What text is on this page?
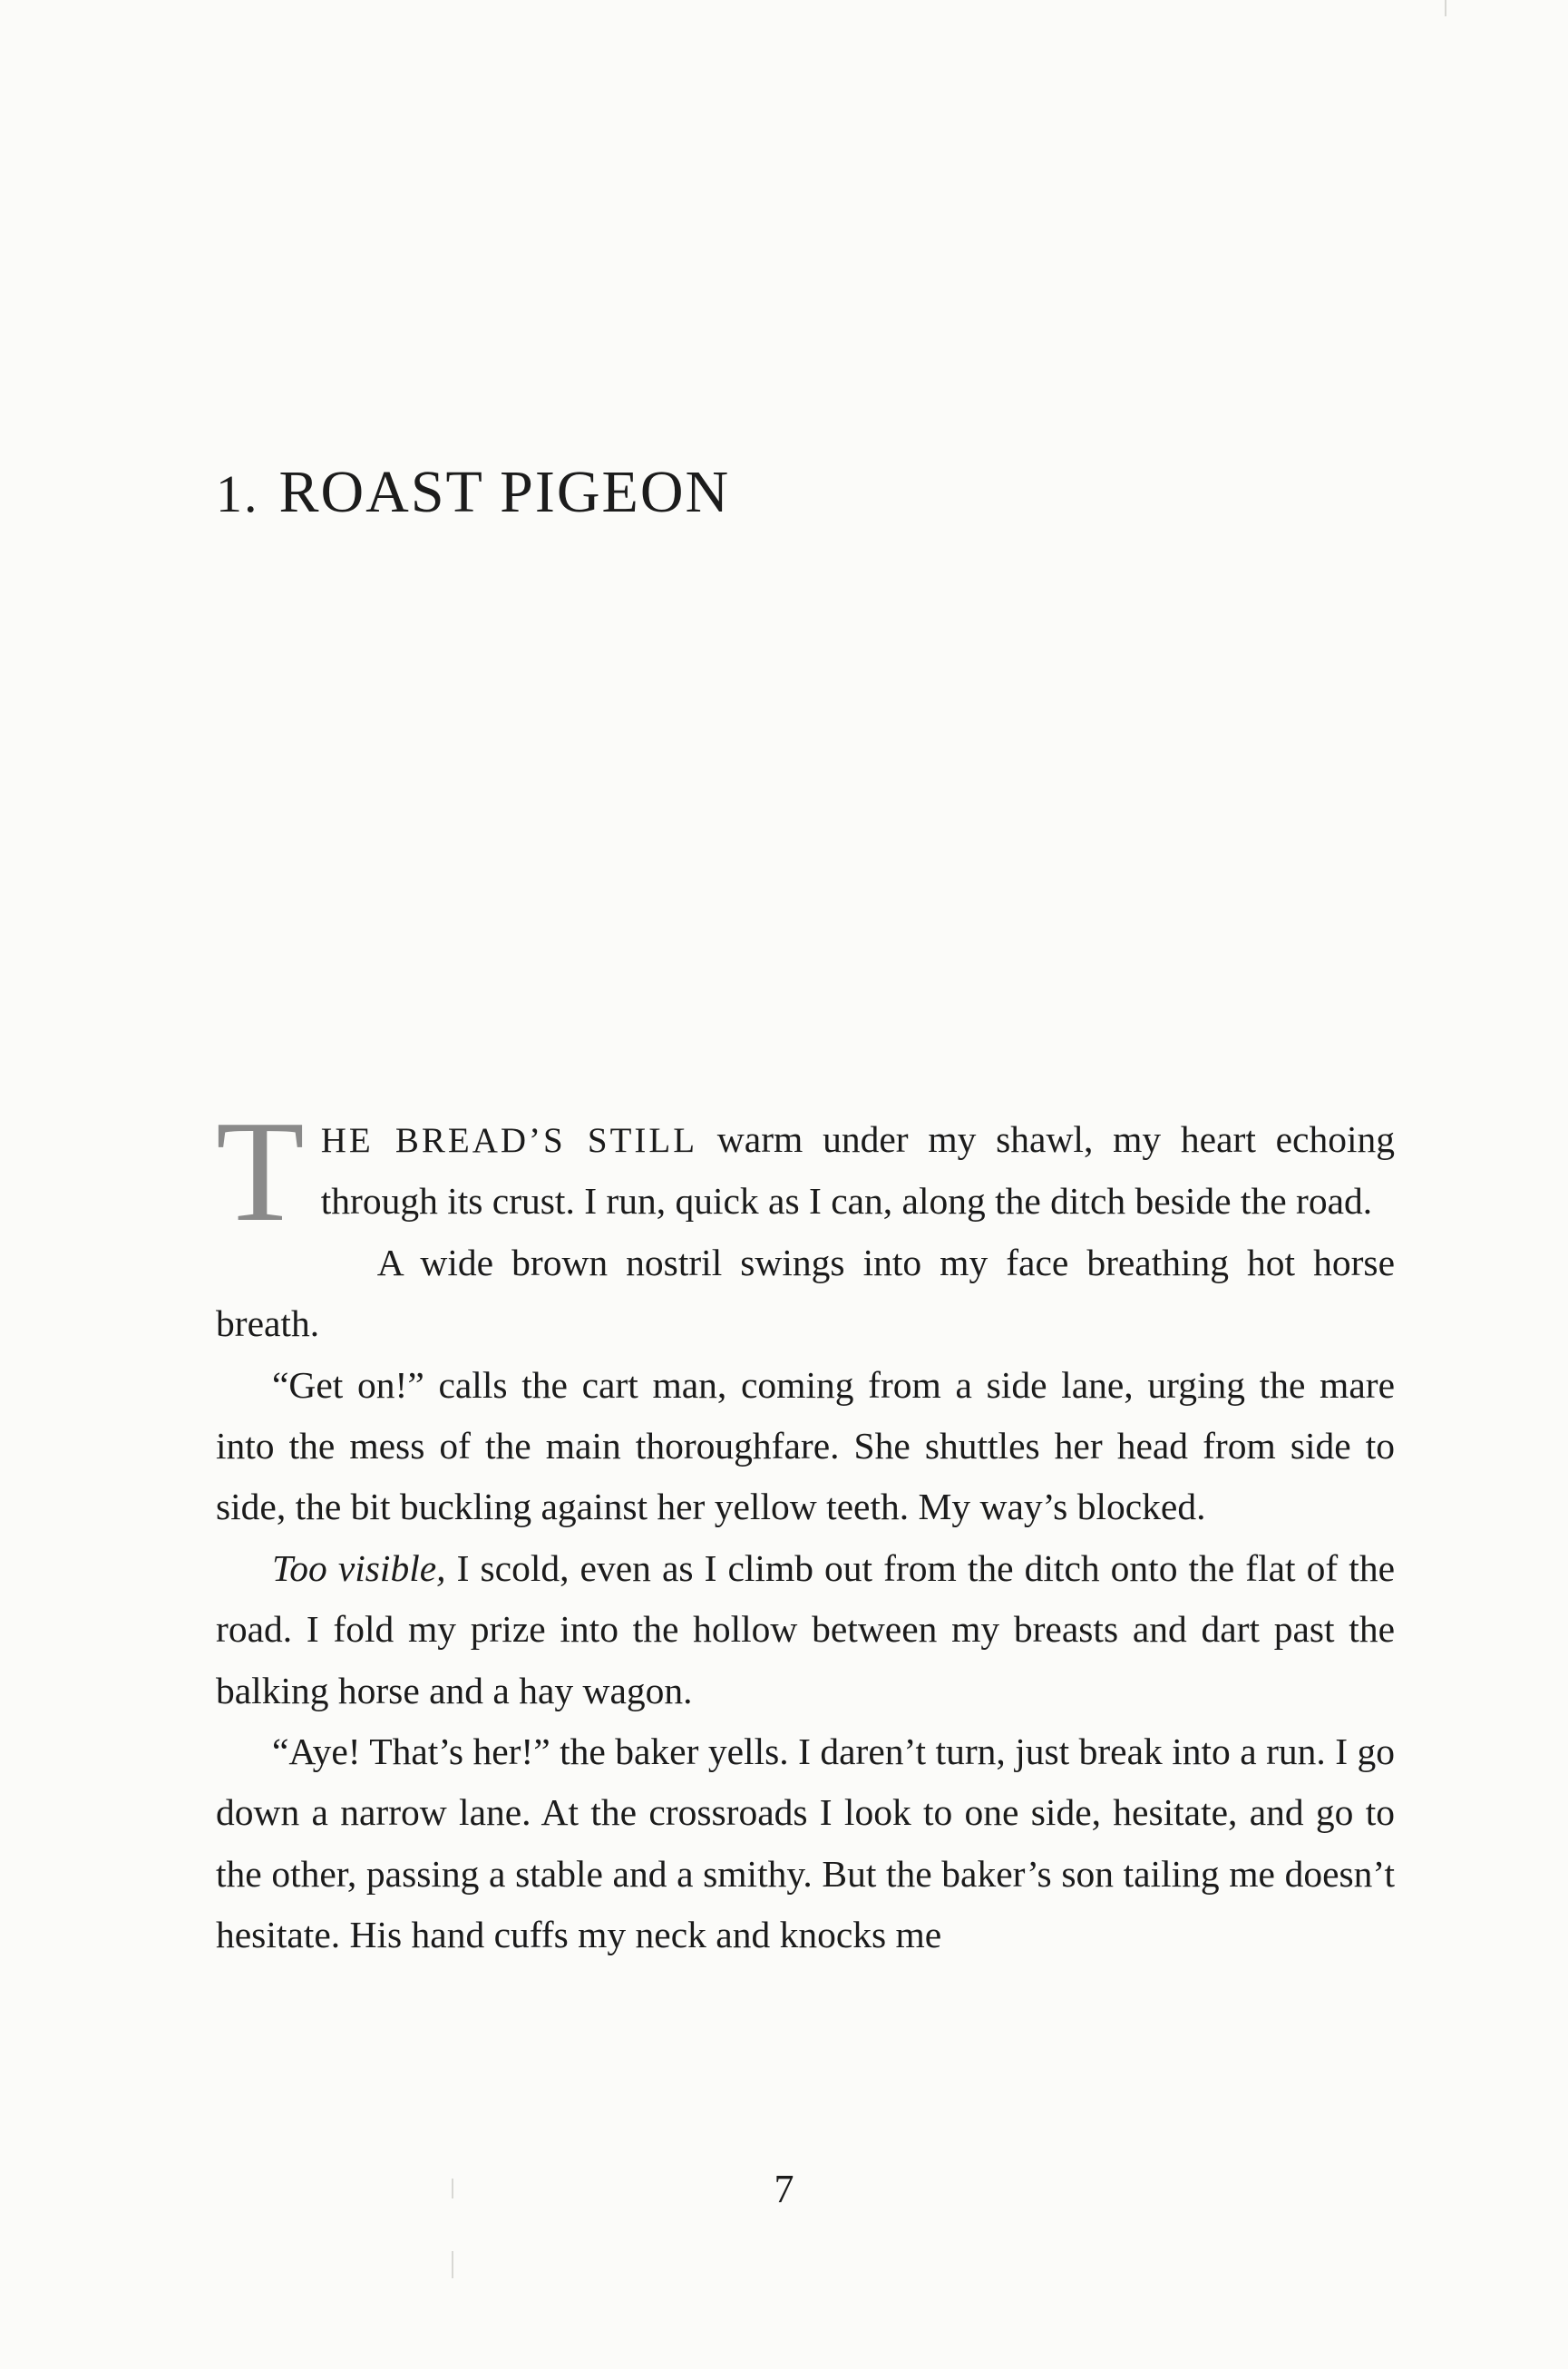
1. ROAST PIGEON

THE BREAD’S STILL warm under my shawl, my heart echoing through its crust. I run, quick as I can, along the ditch beside the road.

A wide brown nostril swings into my face breathing hot horse breath.

“Get on!” calls the cart man, coming from a side lane, urging the mare into the mess of the main thoroughfare. She shuttles her head from side to side, the bit buckling against her yellow teeth. My way’s blocked.

Too visible, I scold, even as I climb out from the ditch onto the flat of the road. I fold my prize into the hollow between my breasts and dart past the balking horse and a hay wagon.

“Aye! That’s her!” the baker yells. I daren’t turn, just break into a run. I go down a narrow lane. At the crossroads I look to one side, hesitate, and go to the other, passing a stable and a smithy. But the baker’s son tailing me doesn’t hesitate. His hand cuffs my neck and knocks me

7
